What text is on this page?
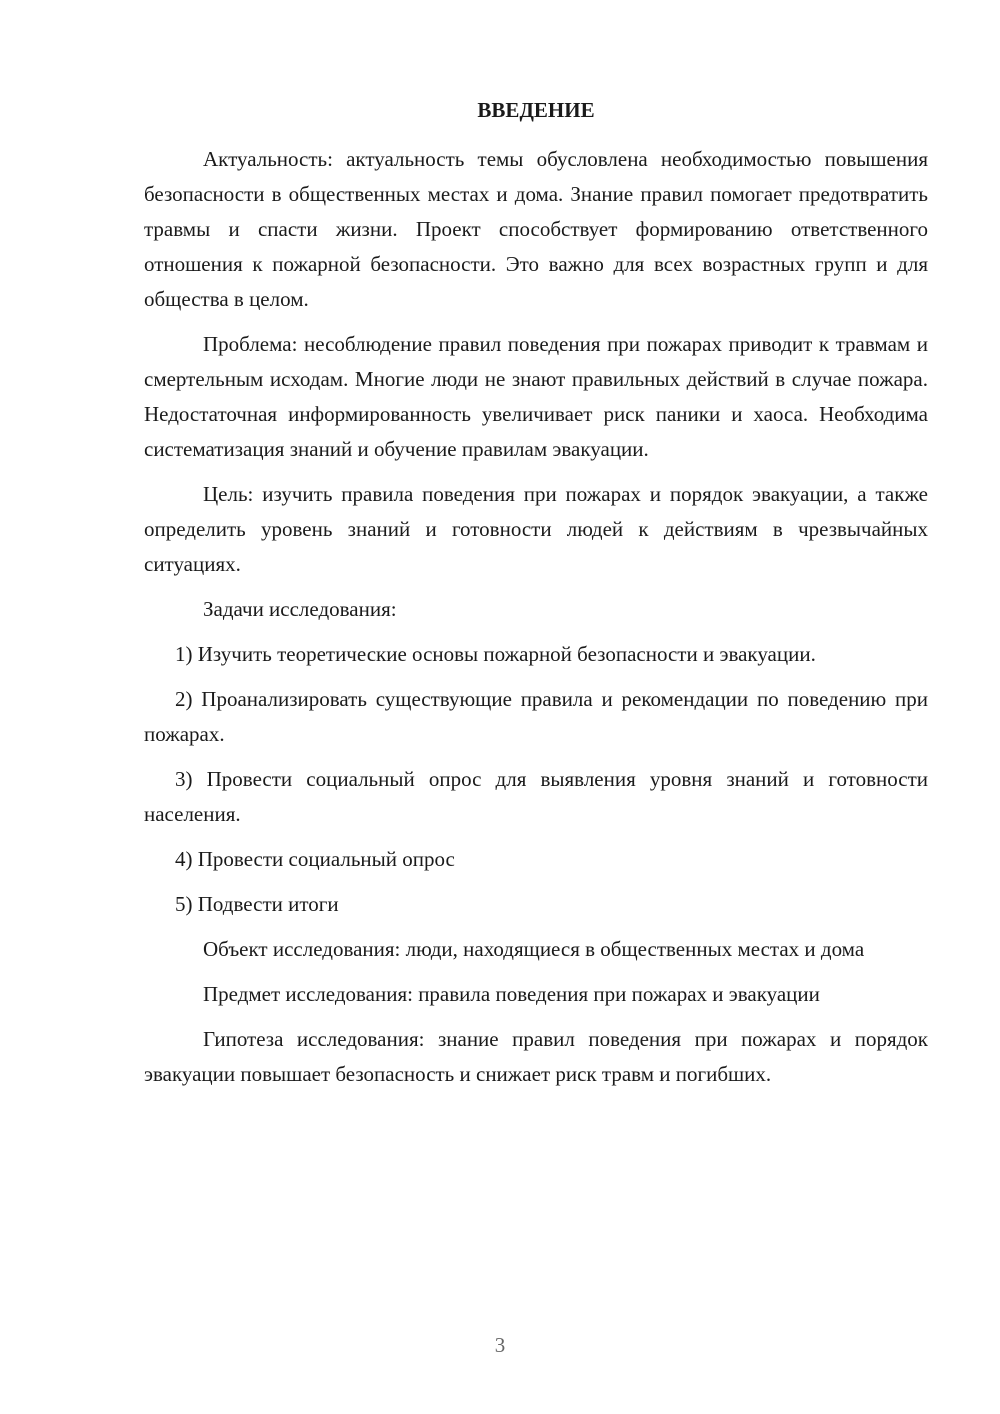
ВВЕДЕНИЕ

Актуальность: актуальность темы обусловлена необходимостью повышения безопасности в общественных местах и дома. Знание правил помогает предотвратить травмы и спасти жизни. Проект способствует формированию ответственного отношения к пожарной безопасности. Это важно для всех возрастных групп и для общества в целом.

Проблема: несоблюдение правил поведения при пожарах приводит к травмам и смертельным исходам. Многие люди не знают правильных действий в случае пожара. Недостаточная информированность увеличивает риск паники и хаоса. Необходима систематизация знаний и обучение правилам эвакуации.

Цель: изучить правила поведения при пожарах и порядок эвакуации, а также определить уровень знаний и готовности людей к действиям в чрезвычайных ситуациях.

Задачи исследования:

1) Изучить теоретические основы пожарной безопасности и эвакуации.

2) Проанализировать существующие правила и рекомендации по поведению при пожарах.

3) Провести социальный опрос для выявления уровня знаний и готовности населения.

4) Провести социальный опрос

5) Подвести итоги

Объект исследования: люди, находящиеся в общественных местах и дома

Предмет исследования: правила поведения при пожарах и эвакуации

Гипотеза исследования: знание правил поведения при пожарах и порядок эвакуации повышает безопасность и снижает риск травм и погибших.

3
